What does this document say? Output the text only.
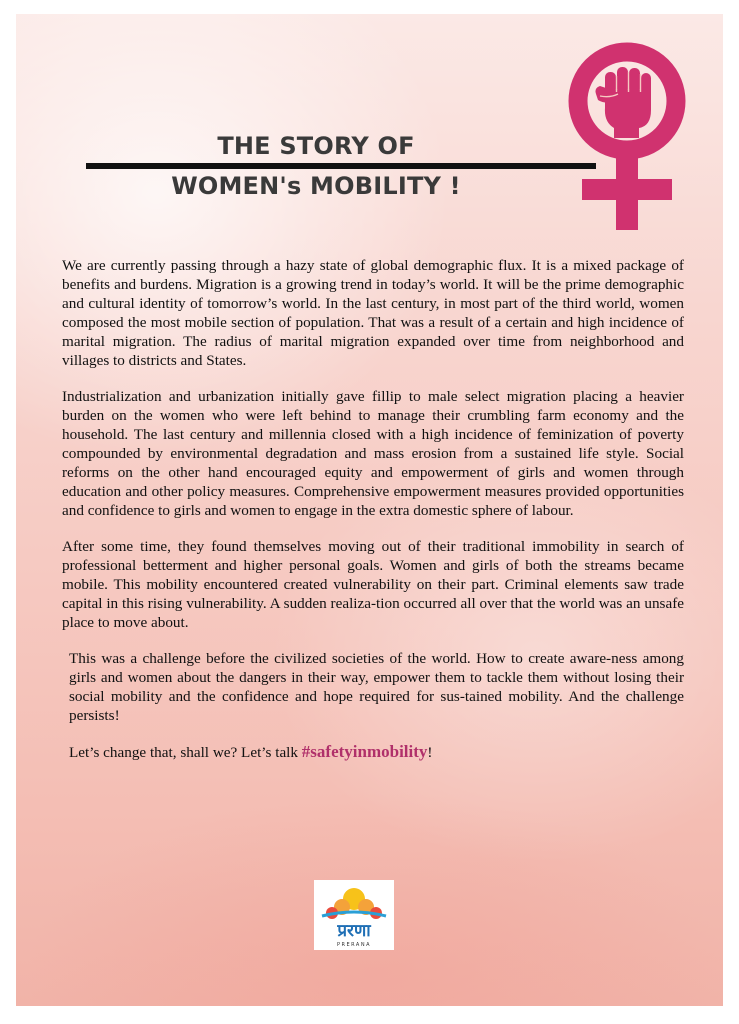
THE STORY OF
WOMEN's MOBILITY !

We are currently passing through a hazy state of global demographic flux. It is a mixed package of benefits and burdens. Migration is a growing trend in today’s world. It will be the prime demographic and cultural identity of tomorrow’s world. In the last century, in most part of the third world, women composed the most mobile section of population. That was a result of a certain and high incidence of marital migration. The radius of marital migration expanded over time from neighborhood and villages to districts and States.

Industrialization and urbanization initially gave fillip to male select migration placing a heavier burden on the women who were left behind to manage their crumbling farm economy and the household. The last century and millennia closed with a high incidence of feminization of poverty compounded by environmental degradation and mass erosion from a sustained life style. Social reforms on the other hand encouraged equity and empowerment of girls and women through education and other policy measures. Comprehensive empowerment measures provided opportunities and confidence to girls and women to engage in the extra domestic sphere of labour.

After some time, they found themselves moving out of their traditional immobility in search of professional betterment and higher personal goals. Women and girls of both the streams became mobile. This mobility encountered created vulnerability on their part. Criminal elements saw trade capital in this rising vulnerability. A sudden realiza-tion occurred all over that the world was an unsafe place to move about.

This was a challenge before the civilized societies of the world. How to create aware-ness among girls and women about the dangers in their way, empower them to tackle them without losing their social mobility and the confidence and hope required for sus-tained mobility. And the challenge persists!

Let’s change that, shall we? Let’s talk #safetyinmobility!

प्ररणा
PRERANA
